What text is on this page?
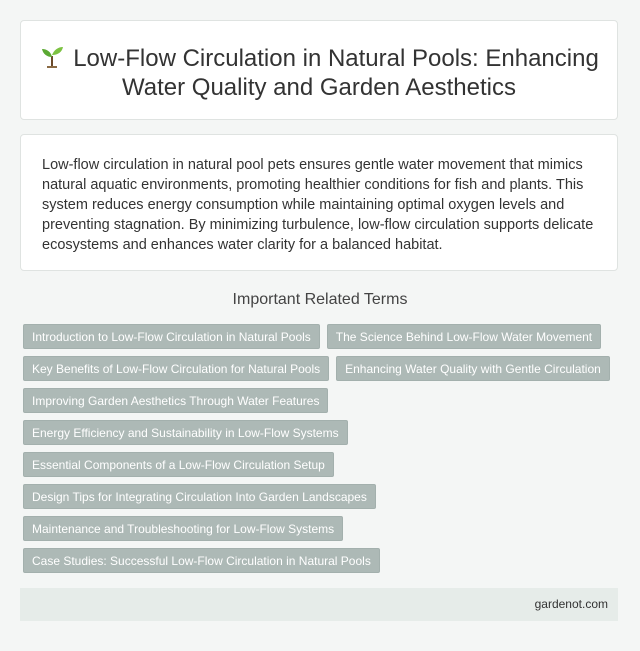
Low-Flow Circulation in Natural Pools: Enhancing Water Quality and Garden Aesthetics

Low-flow circulation in natural pool pets ensures gentle water movement that mimics natural aquatic environments, promoting healthier conditions for fish and plants. This system reduces energy consumption while maintaining optimal oxygen levels and preventing stagnation. By minimizing turbulence, low-flow circulation supports delicate ecosystems and enhances water clarity for a balanced habitat.

Important Related Terms
Introduction to Low-Flow Circulation in Natural Pools	The Science Behind Low-Flow Water Movement
Key Benefits of Low-Flow Circulation for Natural Pools	Enhancing Water Quality with Gentle Circulation
Improving Garden Aesthetics Through Water Features
Energy Efficiency and Sustainability in Low-Flow Systems
Essential Components of a Low-Flow Circulation Setup
Design Tips for Integrating Circulation Into Garden Landscapes
Maintenance and Troubleshooting for Low-Flow Systems
Case Studies: Successful Low-Flow Circulation in Natural Pools
gardenot.com
